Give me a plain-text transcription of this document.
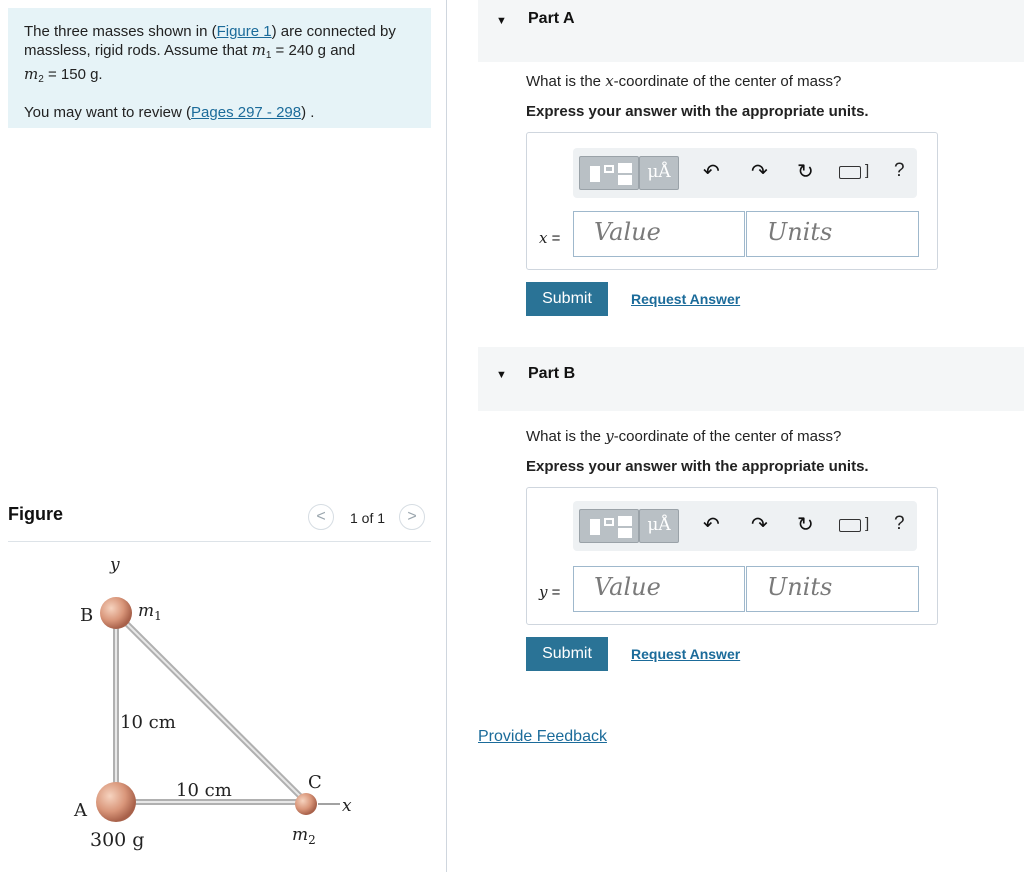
The three masses shown in (Figure 1) are connected by massless, rigid rods. Assume that $m_1 = 240$ g and
$m_2 = 150$ g.

You may want to review (Pages 297 - 298) .

Figure	<	1 of 1	>
y
B	$m_1$
10 cm
10 cm
A
C
x
300 g	$m_2$
▼ Part A
What is the x-coordinate of the center of mass?
Express your answer with the appropriate units.
μÅ	↶ ↷ ↻	] ?
x =	Value	Units
Submit	Request Answer
▼ Part B
What is the y-coordinate of the center of mass?
Express your answer with the appropriate units.
μÅ	↶ ↷ ↻	] ?
y =	Value	Units
Submit	Request Answer
Provide Feedback
